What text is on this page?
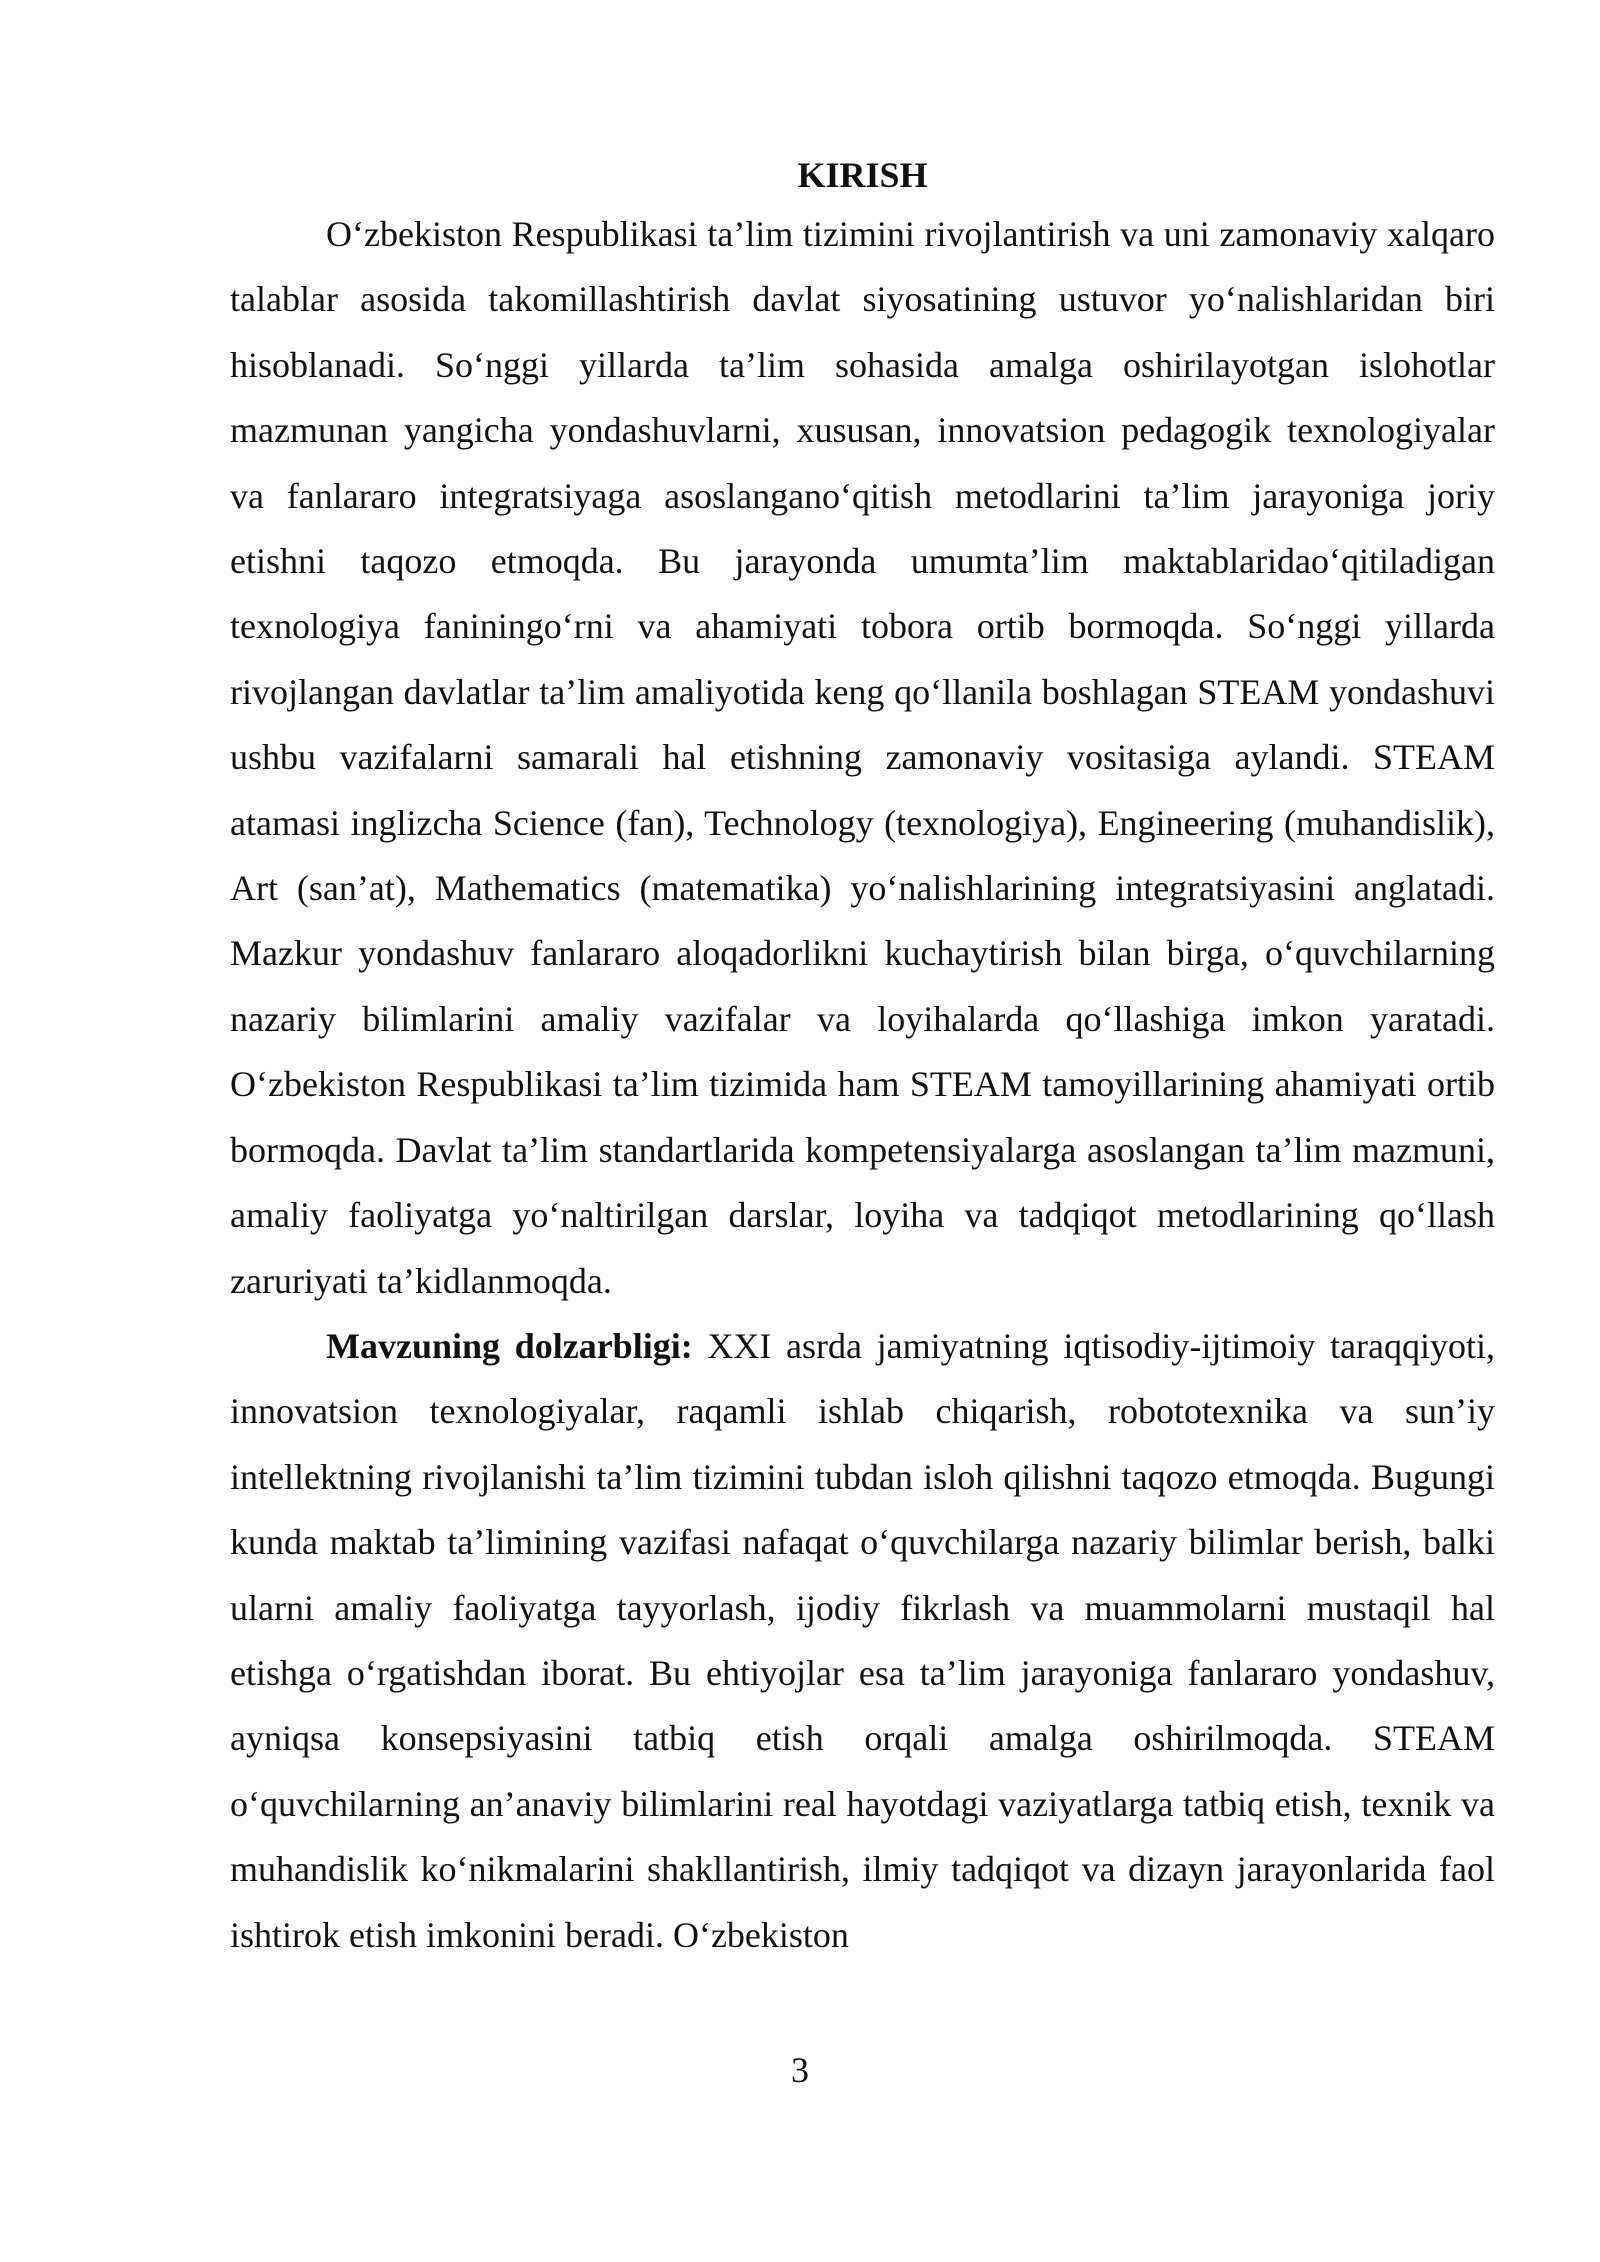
KIRISH

O‘zbekiston Respublikasi ta’lim tizimini rivojlantirish va uni zamonaviy xalqaro talablar asosida takomillashtirish davlat siyosatining ustuvor yo‘nalishlaridan biri hisoblanadi. So‘nggi yillarda ta’lim sohasida amalga oshirilayotgan islohotlar mazmunan yangicha yondashuvlarni, xususan, innovatsion pedagogik texnologiyalar va fanlararo integratsiyaga asoslangano‘qitish metodlarini ta’lim jarayoniga joriy etishni taqozo etmoqda. Bu jarayonda umumta’lim maktablaridao‘qitiladigan texnologiya faniningo‘rni va ahamiyati tobora ortib bormoqda. So‘nggi yillarda rivojlangan davlatlar ta’lim amaliyotida keng qo‘llanila boshlagan STEAM yondashuvi ushbu vazifalarni samarali hal etishning zamonaviy vositasiga aylandi. STEAM atamasi inglizcha Science (fan), Technology (texnologiya), Engineering (muhandislik), Art (san’at), Mathematics (matematika) yo‘nalishlarining integratsiyasini anglatadi. Mazkur yondashuv fanlararo aloqadorlikni kuchaytirish bilan birga, o‘quvchilarning nazariy bilimlarini amaliy vazifalar va loyihalarda qo‘llashiga imkon yaratadi. O‘zbekiston Respublikasi ta’lim tizimida ham STEAM tamoyillarining ahamiyati ortib bormoqda. Davlat ta’lim standartlarida kompetensiyalarga asoslangan ta’lim mazmuni, amaliy faoliyatga yo‘naltirilgan darslar, loyiha va tadqiqot metodlarining qo‘llash zaruriyati ta’kidlanmoqda.

Mavzuning dolzarbligi: XXI asrda jamiyatning iqtisodiy-ijtimoiy taraqqiyoti, innovatsion texnologiyalar, raqamli ishlab chiqarish, robototexnika va sun’iy intellektning rivojlanishi ta’lim tizimini tubdan isloh qilishni taqozo etmoqda. Bugungi kunda maktab ta’limining vazifasi nafaqat o‘quvchilarga nazariy bilimlar berish, balki ularni amaliy faoliyatga tayyorlash, ijodiy fikrlash va muammolarni mustaqil hal etishga o‘rgatishdan iborat. Bu ehtiyojlar esa ta’lim jarayoniga fanlararo yondashuv, ayniqsa konsepsiyasini tatbiq etish orqali amalga oshirilmoqda. STEAM o‘quvchilarning an’anaviy bilimlarini real hayotdagi vaziyatlarga tatbiq etish, texnik va muhandislik ko‘nikmalarini shakllantirish, ilmiy tadqiqot va dizayn jarayonlarida faol ishtirok etish imkonini beradi. O‘zbekiston

3
